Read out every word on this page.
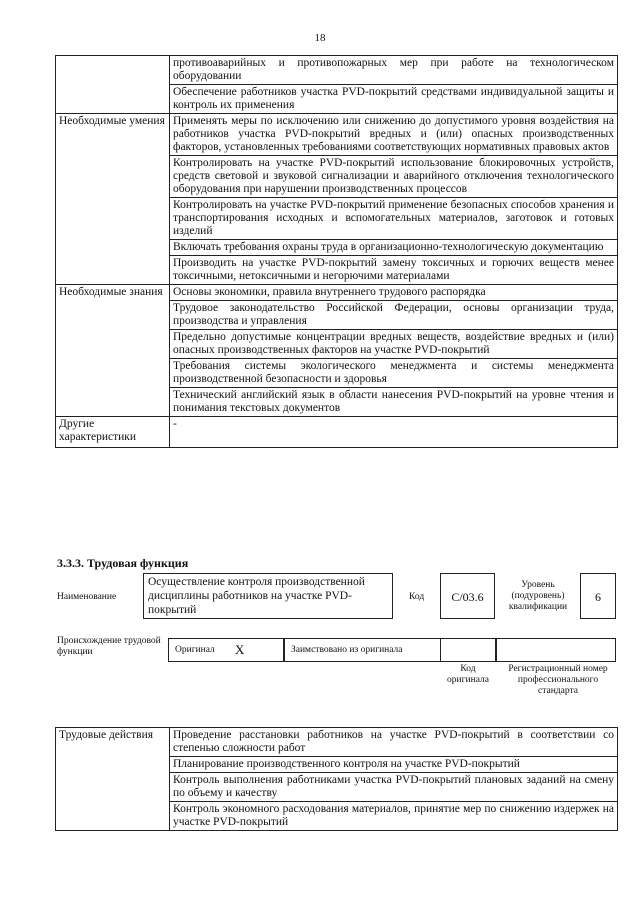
18
	противоаварийных и противопожарных мер при работе на технологическом оборудовании
	Обеспечение работников участка PVD-покрытий средствами индивидуальной защиты и контроль их применения
Необходимые умения	Применять меры по исключению или снижению до допустимого уровня воздействия на работников участка PVD-покрытий вредных и (или) опасных производственных факторов, установленных требованиями соответствующих нормативных правовых актов
	Контролировать на участке PVD-покрытий использование блокировочных устройств, средств световой и звуковой сигнализации и аварийного отключения технологического оборудования при нарушении производственных процессов
	Контролировать на участке PVD-покрытий применение безопасных способов хранения и транспортирования исходных и вспомогательных материалов, заготовок и готовых изделий
	Включать требования охраны труда в организационно-технологическую документацию
	Производить на участке PVD-покрытий замену токсичных и горючих веществ менее токсичными, нетоксичными и негорючими материалами
Необходимые знания	Основы экономики, правила внутреннего трудового распорядка
	Трудовое законодательство Российской Федерации, основы организации труда, производства и управления
	Предельно допустимые концентрации вредных веществ, воздействие вредных и (или) опасных производственных факторов на участке PVD-покрытий
	Требования системы экологического менеджмента и системы менеджмента производственной безопасности и здоровья
	Технический английский язык в области нанесения PVD-покрытий на уровне чтения и понимания текстовых документов
Другие характеристики	-
3.3.3. Трудовая функция
Наименование
Осуществление контроля производственной дисциплины работников на участке PVD-покрытий
Код	C/03.6
Уровень (подуровень) квалификации
6
Происхождение трудовой функции	Оригинал X	Заимствовано из оригинала
Код оригинала
Регистрационный номер профессионального стандарта
Трудовые действия	Проведение расстановки работников на участке PVD-покрытий в соответствии со степенью сложности работ
Планирование производственного контроля на участке PVD-покрытий
Контроль выполнения работниками участка PVD-покрытий плановых заданий на смену по объему и качеству
Контроль экономного расходования материалов, принятие мер по снижению издержек на участке PVD-покрытий
